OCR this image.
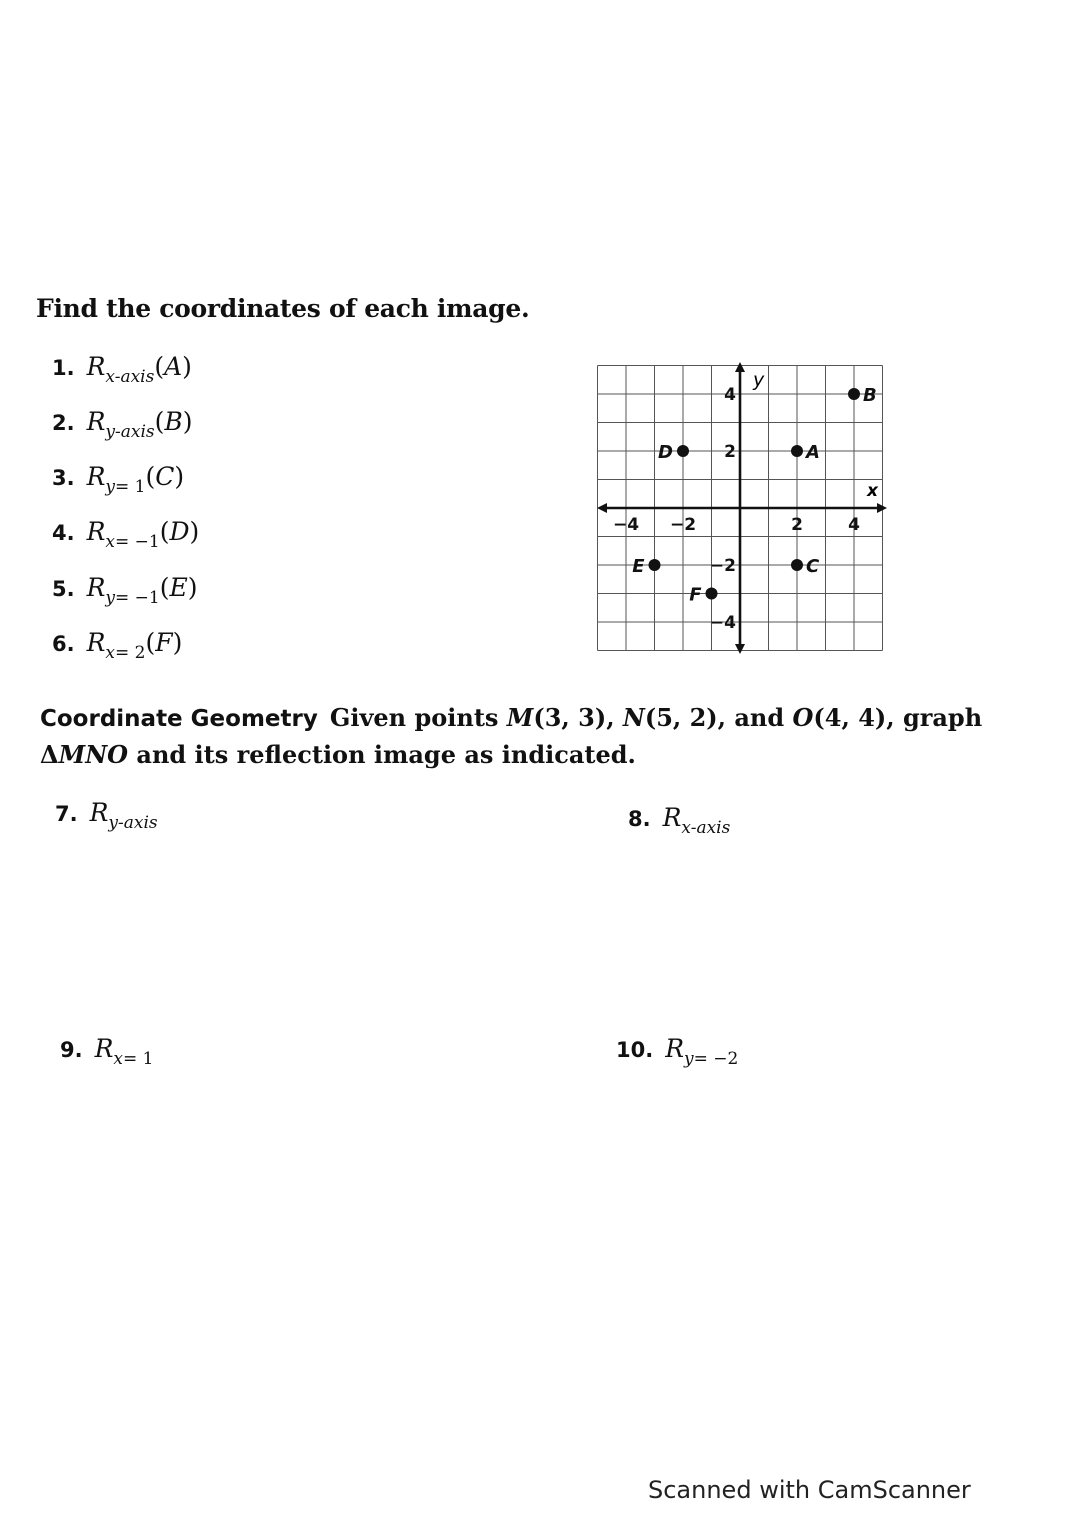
Find the coordinates of each image.
1. $R_{x-axis}(A)$
2. $R_{y-axis}(B)$
3. $R_{y= 1}(C)$
4. $R_{x= -1}(D)$
5. $R_{y= -1}(E)$
6. $R_{x= 2}(F)$
x
y
−4 −2	2	4
4
2
−2
−4
A
B
C
D
E
F
Coordinate Geometry Given points M(3, 3), N(5, 2), and O(4, 4), graph
ΔMNO and its reflection image as indicated.
7. $R_{y-axis}$	8. $R_{x-axis}$
9. $R_{x= 1}$	10. $R_{y= -2}$
Scanned with CamScanner
